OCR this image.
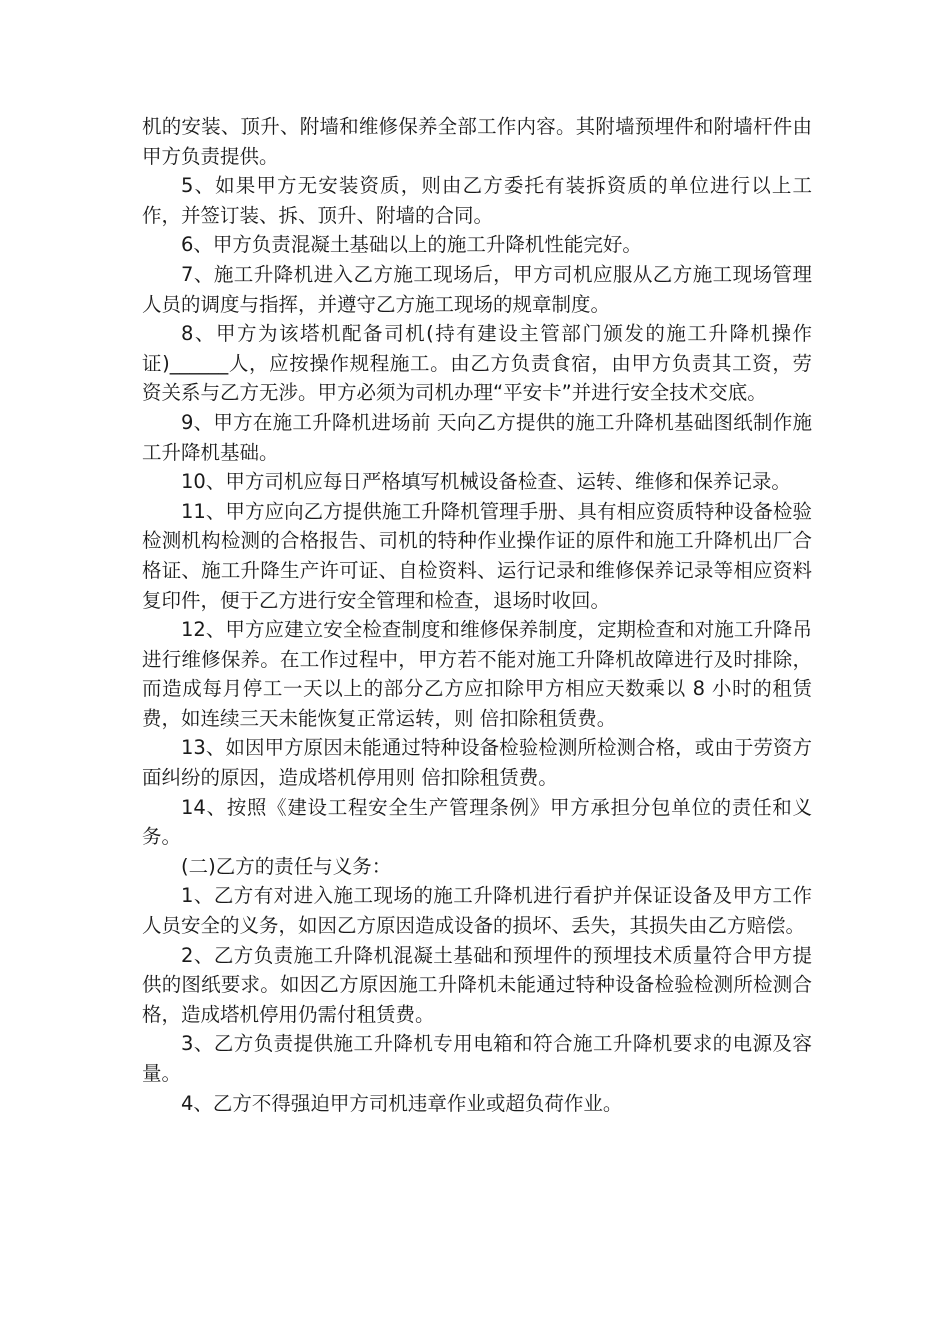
机的安装、顶升、附墙和维修保养全部工作内容。其附墙预埋件和附墙杆件由甲方负责提供。

5、如果甲方无安装资质，则由乙方委托有装拆资质的单位进行以上工作，并签订装、拆、顶升、附墙的合同。

6、甲方负责混凝土基础以上的施工升降机性能完好。

7、施工升降机进入乙方施工现场后，甲方司机应服从乙方施工现场管理人员的调度与指挥，并遵守乙方施工现场的规章制度。

8、甲方为该塔机配备司机(持有建设主管部门颁发的施工升降机操作证)______人，应按操作规程施工。由乙方负责食宿，由甲方负责其工资，劳资关系与乙方无涉。甲方必须为司机办理“平安卡”并进行安全技术交底。

9、甲方在施工升降机进场前 天向乙方提供的施工升降机基础图纸制作施工升降机基础。

10、甲方司机应每日严格填写机械设备检查、运转、维修和保养记录。

11、甲方应向乙方提供施工升降机管理手册、具有相应资质特种设备检验检测机构检测的合格报告、司机的特种作业操作证的原件和施工升降机出厂合格证、施工升降生产许可证、自检资料、运行记录和维修保养记录等相应资料复印件，便于乙方进行安全管理和检查，退场时收回。

12、甲方应建立安全检查制度和维修保养制度，定期检查和对施工升降吊进行维修保养。在工作过程中，甲方若不能对施工升降机故障进行及时排除，而造成每月停工一天以上的部分乙方应扣除甲方相应天数乘以 8 小时的租赁费，如连续三天未能恢复正常运转，则 倍扣除租赁费。

13、如因甲方原因未能通过特种设备检验检测所检测合格，或由于劳资方面纠纷的原因，造成塔机停用则 倍扣除租赁费。

14、按照《建设工程安全生产管理条例》甲方承担分包单位的责任和义务。

(二)乙方的责任与义务：

1、乙方有对进入施工现场的施工升降机进行看护并保证设备及甲方工作人员安全的义务，如因乙方原因造成设备的损坏、丢失，其损失由乙方赔偿。

2、乙方负责施工升降机混凝土基础和预埋件的预埋技术质量符合甲方提供的图纸要求。如因乙方原因施工升降机未能通过特种设备检验检测所检测合格，造成塔机停用仍需付租赁费。

3、乙方负责提供施工升降机专用电箱和符合施工升降机要求的电源及容量。

4、乙方不得强迫甲方司机违章作业或超负荷作业。
